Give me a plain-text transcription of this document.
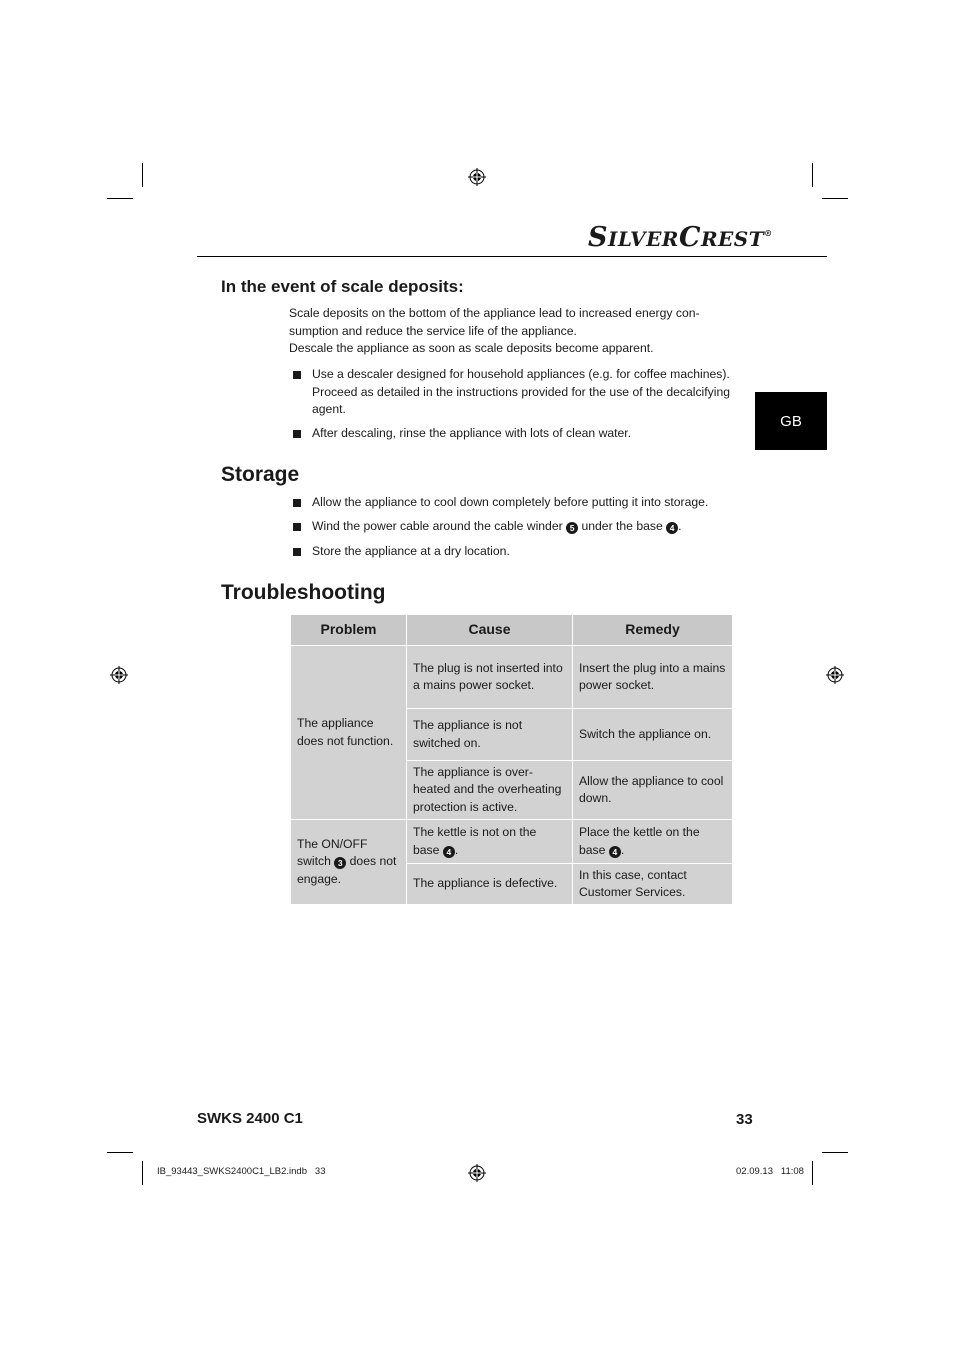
SILVERCREST®
GB
In the event of scale deposits:
Scale deposits on the bottom of the appliance lead to increased energy con-
sumption and reduce the service life of the appliance.
Descale the appliance as soon as scale deposits become apparent.
Use a descaler designed for household appliances (e.g. for coffee machines). Proceed as detailed in the instructions provided for the use of the decalcifying agent.
After descaling, rinse the appliance with lots of clean water.
Storage
Allow the appliance to cool down completely before putting it into storage.
Wind the power cable around the cable winder 5 under the base 4 .
Store the appliance at a dry location.
Troubleshooting
Problem	Cause	Remedy
The appliance does not function.	The plug is not inserted into a mains power socket.	Insert the plug into a mains power socket.
	The appliance is not switched on.	Switch the appliance on.
	The appliance is over-heated and the overheating protection is active.	Allow the appliance to cool down.
The ON/OFF switch 3 does not engage.	The kettle is not on the base 4 .	Place the kettle on the base 4 .
	The appliance is defective.	In this case, contact Customer Services.
SWKS 2400 C1	33
IB_93443_SWKS2400C1_LB2.indb   33	02.09.13   11:08
